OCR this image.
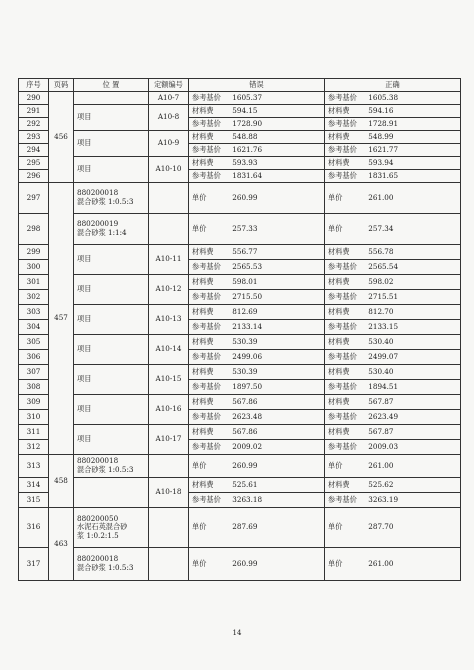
序号	页码	位 置	定额编号	错误	正确
290	456		A10-7	参考基价 1605.37	参考基价 1605.38
291		项目	A10-8	材料费 594.15	材料费 594.16
292				参考基价 1728.90	参考基价 1728.91
293		项目	A10-9	材料费 548.88	材料费 548.99
294				参考基价 1621.76	参考基价 1621.77
295		项目	A10-10	材料费 593.93	材料费 593.94
296				参考基价 1831.64	参考基价 1831.65
297	457	880200018
混合砂浆 1:0.5:3		单价 260.99	单价 261.00
298		880200019
混合砂浆 1:1:4		单价 257.33	单价 257.34
299		项目	A10-11	材料费 556.77	材料费 556.78
300				参考基价 2565.53	参考基价 2565.54
301		项目	A10-12	材料费 598.01	材料费 598.02
302				参考基价 2715.50	参考基价 2715.51
303		项目	A10-13	材料费 812.69	材料费 812.70
304				参考基价 2133.14	参考基价 2133.15
305		项目	A10-14	材料费 530.39	材料费 530.40
306				参考基价 2499.06	参考基价 2499.07
307		项目	A10-15	材料费 530.39	材料费 530.40
308				参考基价 1897.50	参考基价 1894.51
309		项目	A10-16	材料费 567.86	材料费 567.87
310				参考基价 2623.48	参考基价 2623.49
311		项目	A10-17	材料费 567.86	材料费 567.87
312				参考基价 2009.02	参考基价 2009.03
313	458	880200018
混合砂浆 1:0.5:3		单价 260.99	单价 261.00
314			A10-18	材料费 525.61	材料费 525.62
315				参考基价 3263.18	参考基价 3263.19
316	463	880200050
水泥石英混合砂
浆 1:0.2:1.5		单价 287.69	单价 287.70
317		880200018
混合砂浆 1:0.5:3		单价 260.99	单价 261.00
14
